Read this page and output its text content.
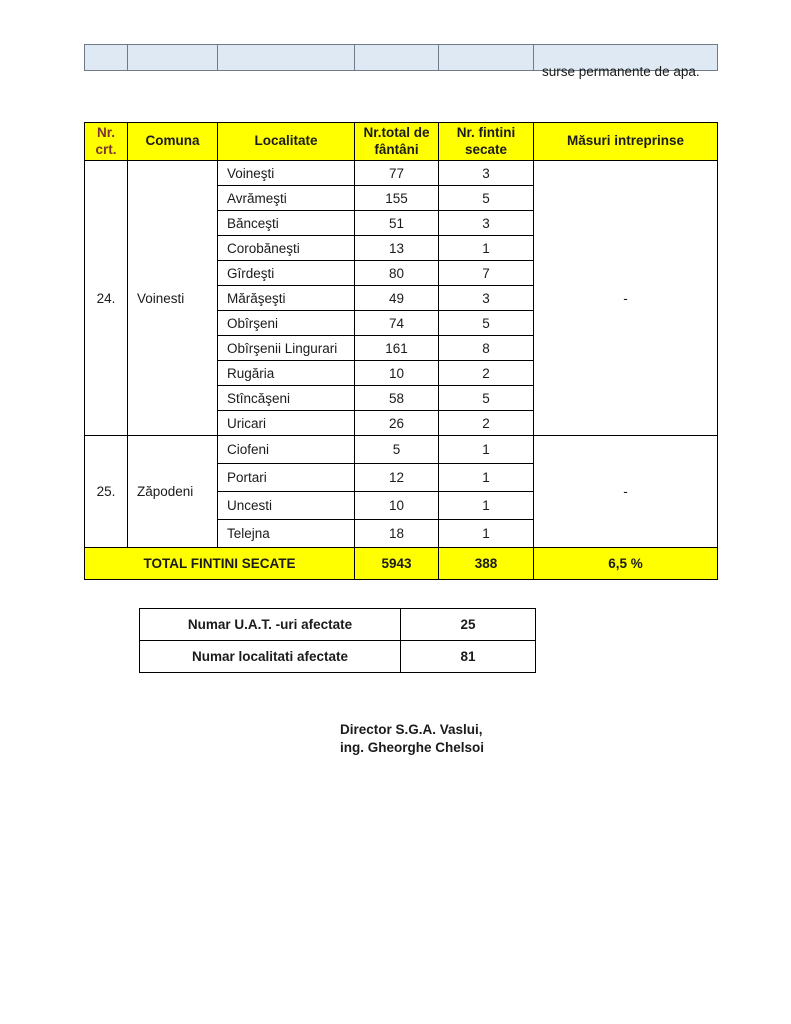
surse permanente de apa.
Nr. crt.	Comuna	Localitate	Nr.total de fântâni	Nr. fintini secate	Măsuri intreprinse
24.	Voinesti	Voineşti	77	3	-
		Avrămeşti	155	5	
		Bănceşti	51	3	
		Corobăneşti	13	1	
		Gîrdeşti	80	7	
		Mărăşeşti	49	3	
		Obîrşeni	74	5	
		Obîrşenii Lingurari	161	8	
		Rugăria	10	2	
		Stîncăşeni	58	5	
		Uricari	26	2	
25.	Zăpodeni	Ciofeni	5	1	-
		Portari	12	1	
		Uncesti	10	1	
		Telejna	18	1	
TOTAL FINTINI SECATE			5943	388	6,5 %
Numar U.A.T. -uri afectate	25
Numar localitati afectate	81
Director S.G.A. Vaslui,
ing. Gheorghe Chelsoi
